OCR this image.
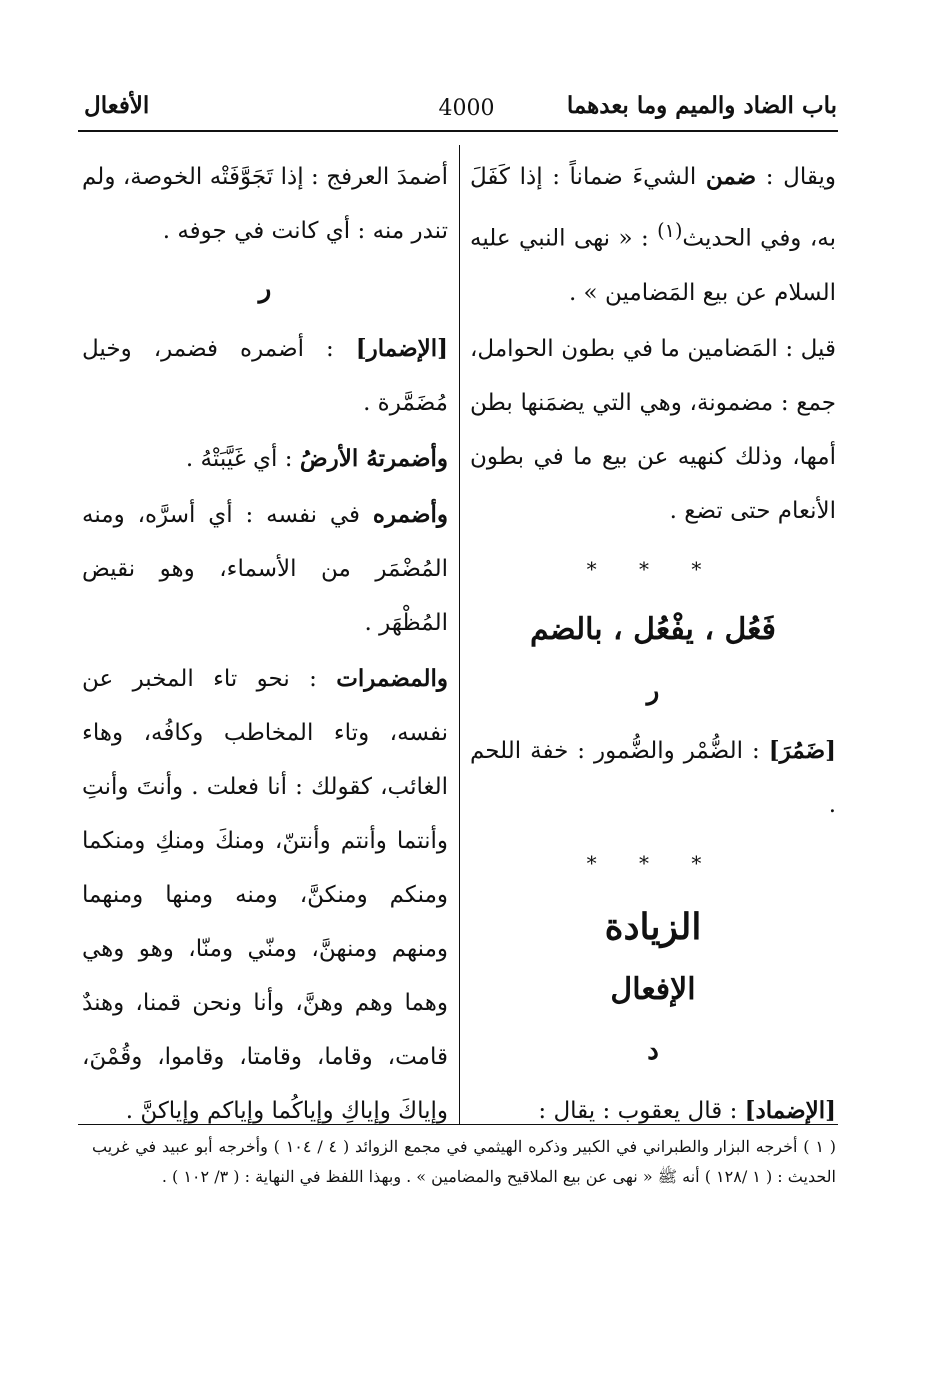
باب الضاد والميم وما بعدهما
4000
الأفعال

ويقال : ضمن الشيءَ ضماناً : إذا كَفَلَ به، وفي الحديث$^{(١)}$ : « نهى النبي عليه السلام عن بيع المَضامين » .

قيل : المَضامين ما في بطون الحوامل، جمع : مضمونة، وهي التي يضمَنها بطن أمها، وذلك كنهيه عن بيع ما في بطون الأنعام حتى تضع .

* * *
فَعُل ، يفْعُل ، بالضم
ر

[ضَمُرَ] : الضُّمْر والضُّمور : خفة اللحم .

* * *
الزيادة
الإفعال
د

[الإضماد] : قال يعقوب : يقال :

أضمدَ العرفج : إذا تَجَوَّفَتْه الخوصة، ولم تندر منه : أي كانت في جوفه .

ر

[الإضمار] : أضمره فضمر، وخيل مُضَمَّرة .

وأضمرتهُ الأرضُ : أي غَيَّبَتْهُ .

وأضمره في نفسه : أي أسرَّه، ومنه المُضْمَر من الأسماء، وهو نقيض المُظْهَر .

والمضمرات : نحو تاء المخبر عن نفسه، وتاء المخاطب وكافُه، وهاء الغائب، كقولك : أنا فعلت . وأنتَ وأنتِ وأنتما وأنتم وأنتنّ، ومنكَ ومنكِ ومنكما ومنكم ومنكنَّ، ومنه ومنها ومنهما ومنهم ومنهنَّ، ومنّي ومنّا، وهو وهي وهما وهم وهنَّ، وأنا ونحن قمنا، وهندٌ قامت، وقاما، وقامتا، وقاموا، وقُمْنَ، وإياكَ وإياكِ وإياكُما وإياكم وإياكنَّ .

( ١ ) أخرجه البزار والطبراني في الكبير وذكره الهيثمي في مجمع الزوائد ( ٤ / ١٠٤ ) وأخرجه أبو عبيد في غريب الحديث : ( ١ /١٢٨ ) أنه ﷺ « نهى عن بيع الملاقيح والمضامين » . وبهذا اللفظ في النهاية : ( ٣/ ١٠٢ ) .
